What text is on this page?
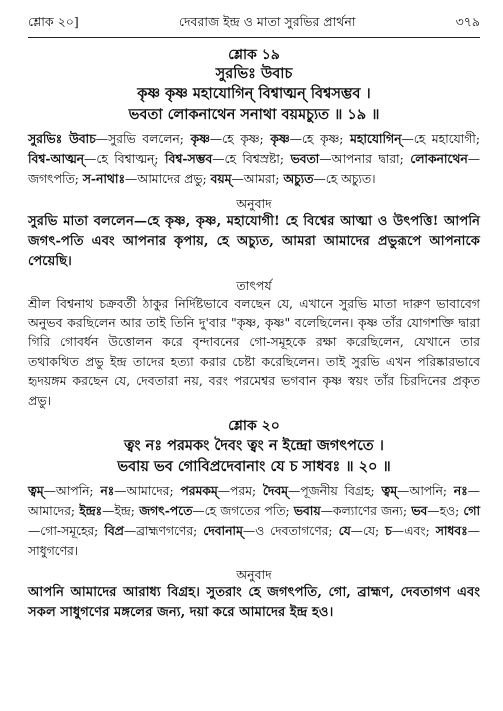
শ্লোক ২০]	দেবরাজ ইন্দ্র ও মাতা সুরভির প্রার্থনা	৩৭৯
শ্লোক ১৯
সুরভিঃ উবাচ
কৃষ্ণ কৃষ্ণ মহাযোগিন্ বিশ্বাত্মন্ বিশ্বসম্ভব ।
ভবতা লোকনাথেন সনাথা বয়মচ্যুত ॥ ১৯ ॥
সুরভিঃ উবাচ—সুরভি বললেন; কৃষ্ণ—হে কৃষ্ণ; কৃষ্ণ—হে কৃষ্ণ; মহাযোগিন্—হে মহাযোগী; বিশ্ব-আত্মন্—হে বিশ্বাত্মন্; বিশ্ব-সম্ভব—হে বিশ্বস্রষ্টা; ভবতা—আপনার দ্বারা; লোকনাথেন—জগৎপতি; স-নাথাঃ—আমাদের প্রভু; বয়ম্—আমরা; অচ্যুত—হে অচ্যুত।
অনুবাদ
সুরভি মাতা বললেন—হে কৃষ্ণ, কৃষ্ণ, মহাযোগী! হে বিশ্বের আত্মা ও উৎপত্তি! আপনি জগৎ-পতি এবং আপনার কৃপায়, হে অচ্যুত, আমরা আমাদের প্রভুরূপে আপনাকে পেয়েছি।
তাৎপর্য
শ্রীল বিশ্বনাথ চক্রবর্তী ঠাকুর নির্দিষ্টভাবে বলছেন যে, এখানে সুরভি মাতা দারুণ ভাবাবেগ অনুভব করছিলেন আর তাই তিনি দু'বার "কৃষ্ণ, কৃষ্ণ" বলেছিলেন। কৃষ্ণ তাঁর যোগশক্তি দ্বারা গিরি গোবর্ধন উত্তোলন করে বৃন্দাবনের গো-সমূহকে রক্ষা করেছিলেন, যেখানে তার তথাকথিত প্রভু ইন্দ্র তাদের হত্যা করার চেষ্টা করেছিলেন। তাই সুরভি এখন পরিষ্কারভাবে হৃদয়ঙ্গম করছেন যে, দেবতারা নয়, বরং পরমেশ্বর ভগবান কৃষ্ণ স্বয়ং তাঁর চিরদিনের প্রকৃত প্রভু।
শ্লোক ২০
ত্বং নঃ পরমকং দৈবং ত্বং ন ইন্দ্রো জগৎপতে ।
ভবায় ভব গোবিপ্রদেবানাং যে চ সাধবঃ ॥ ২০ ॥
ত্বম্—আপনি; নঃ—আমাদের; পরমকম্—পরম; দৈবম্—পূজনীয় বিগ্রহ; ত্বম্—আপনি; নঃ—আমাদের; ইন্দ্রঃ—ইন্দ্র; জগৎ-পতে—হে জগতের পতি; ভবায়—কল্যাণের জন্য; ভব—হও; গো—গো-সমূহের; বিপ্র—ব্রাহ্মণগণের; দেবানাম্—ও দেবতাগণের; যে—যে; চ—এবং; সাধবঃ—সাধুগণের।
অনুবাদ
আপনি আমাদের আরাধ্য বিগ্রহ। সুতরাং হে জগৎপতি, গো, ব্রাহ্মণ, দেবতাগণ এবং সকল সাধুগণের মঙ্গলের জন্য, দয়া করে আমাদের ইন্দ্র হও।
